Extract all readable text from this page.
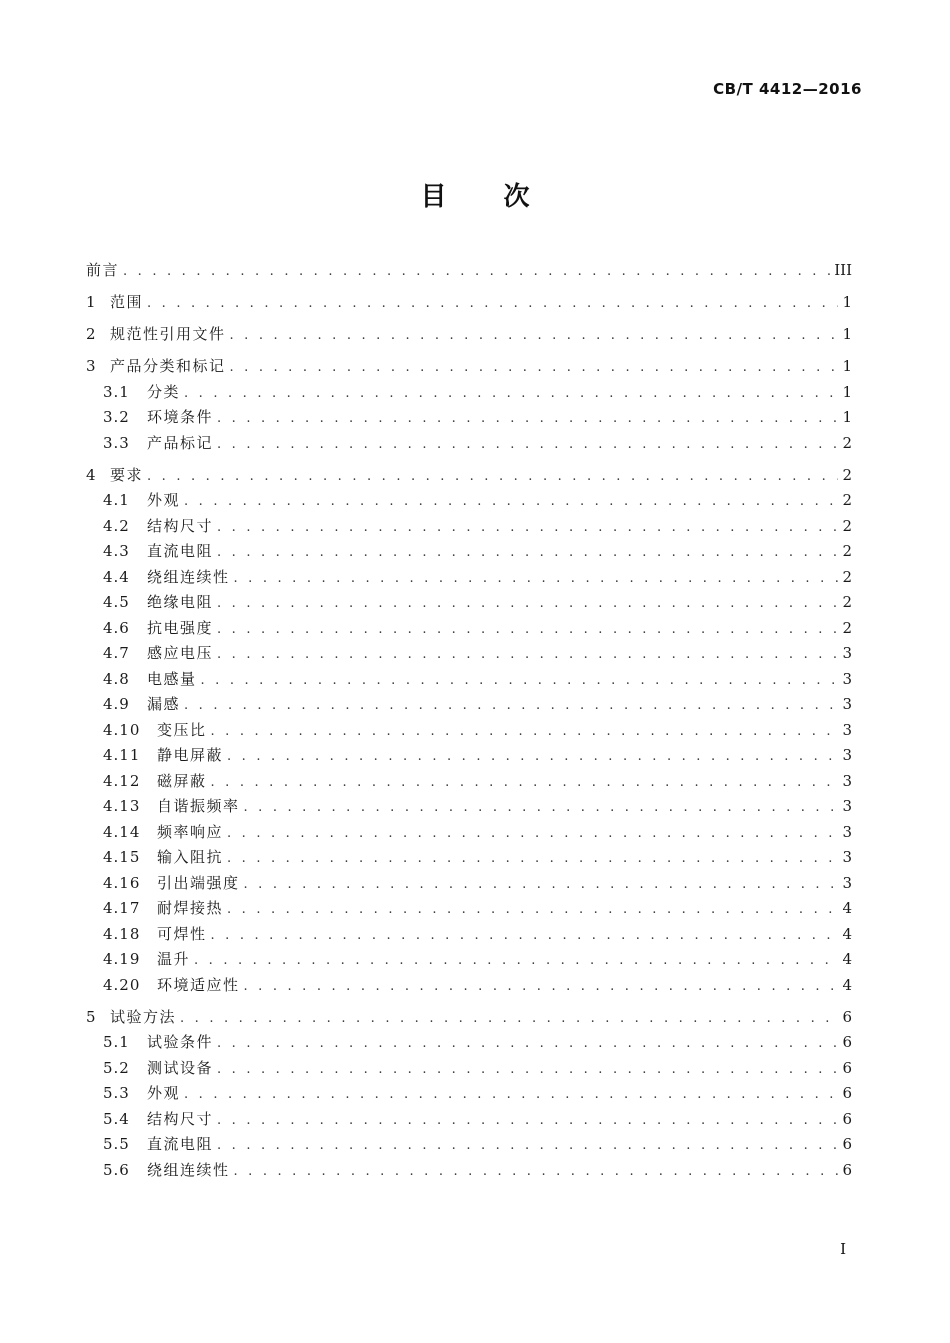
CB/T 4412—2016
目 次
前言 . . .	III
1 范围 . . .	1
2 规范性引用文件 . . .	1
3 产品分类和标记 . . .	1
3.1	分类 . . .	1
3.2	环境条件 . . .	1
3.3	产品标记 . . .	2
4 要求 . . .	2
4.1	外观 . . .	2
4.2	结构尺寸 . . .	2
4.3	直流电阻 . . .	2
4.4	绕组连续性 . . .	2
4.5	绝缘电阻 . . .	2
4.6	抗电强度 . . .	2
4.7	感应电压 . . .	3
4.8	电感量 . . .	3
4.9	漏感 . . .	3
4.10	变压比 . . .	3
4.11	静电屏蔽 . . .	3
4.12	磁屏蔽 . . .	3
4.13	自谐振频率 . . .	3
4.14	频率响应 . . .	3
4.15	输入阻抗 . . .	3
4.16	引出端强度 . . .	3
4.17	耐焊接热 . . .	4
4.18	可焊性 . . .	4
4.19	温升 . . .	4
4.20	环境适应性 . . .	4
5 试验方法 . . .	6
5.1	试验条件 . . .	6
5.2	测试设备 . . .	6
5.3	外观 . . .	6
5.4	结构尺寸 . . .	6
5.5	直流电阻 . . .	6
5.6	绕组连续性 . . .	6
I
